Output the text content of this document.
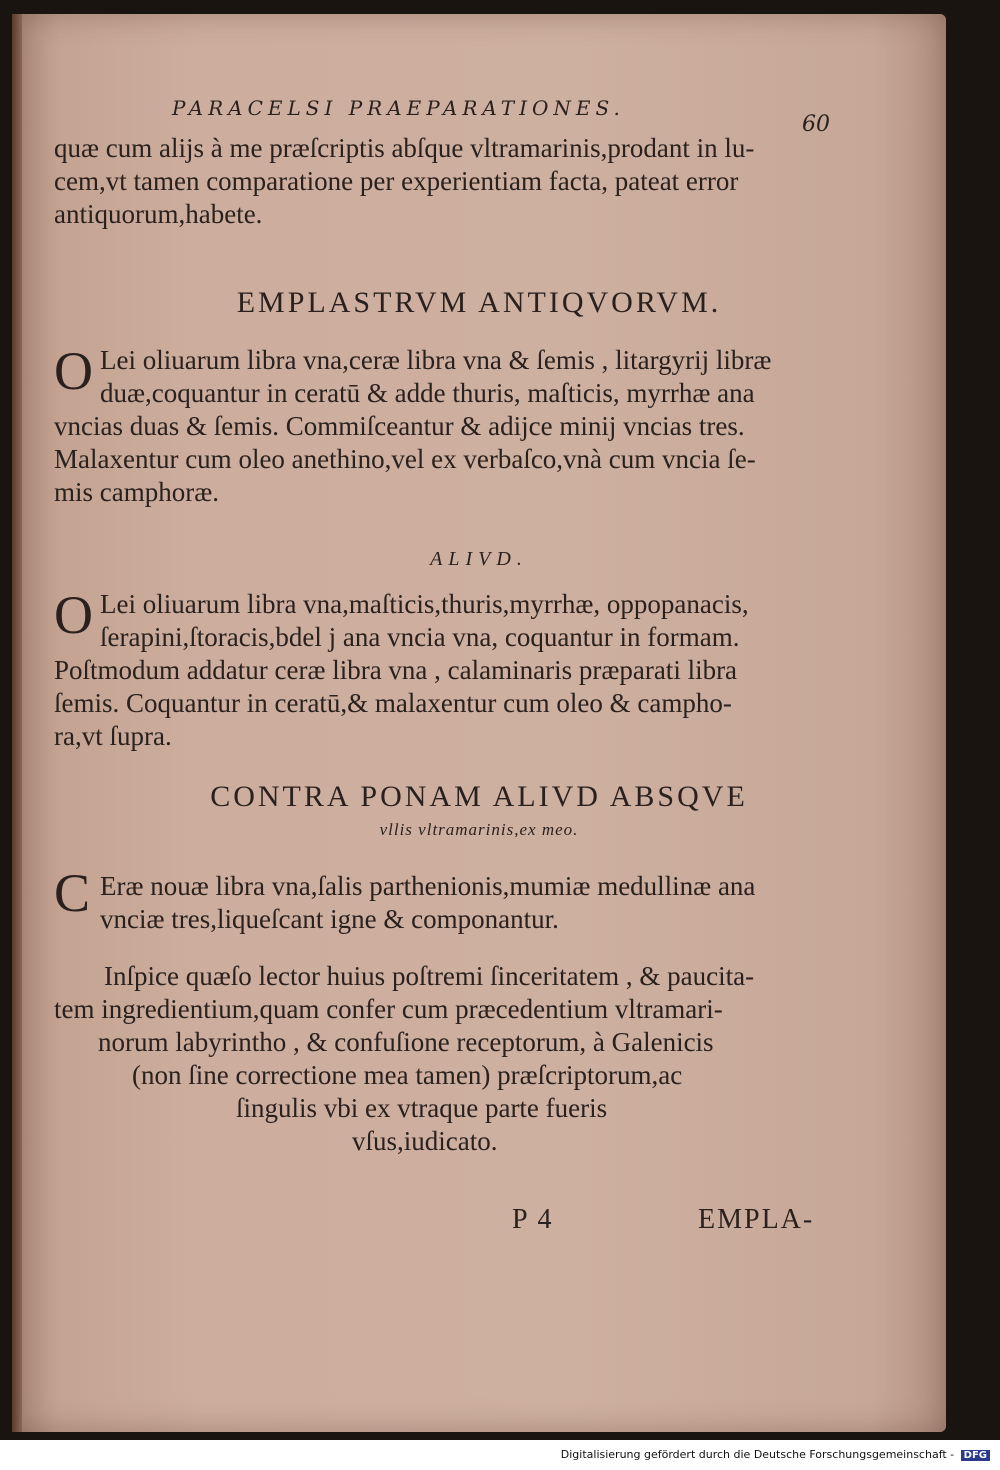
PARACELSI PRAEPARATIONES.
60
quæ cum alijs à me præſcriptis abſque vltramarinis,prodant in lu-
cem,vt tamen comparatione per experientiam facta, pateat error
antiquorum,habete.
EMPLASTRVM ANTIQVORVM.
O Lei oliuarum libra vna,ceræ libra vna & ſemis , litargyrij libræ
duæ,coquantur in ceratū & adde thuris, maſticis, myrrhæ ana
vncias duas & ſemis. Commiſceantur & adijce minij vncias tres.
Malaxentur cum oleo anethino,vel ex verbaſco,vnà cum vncia ſe-
mis camphoræ.
ALIVD.
O Lei oliuarum libra vna,maſticis,thuris,myrrhæ, oppopanacis,
ſerapini,ſtoracis,bdel j ana vncia vna, coquantur in formam.
Poſtmodum addatur ceræ libra vna , calaminaris præparati libra
ſemis. Coquantur in ceratū,& malaxentur cum oleo & campho-
ra,vt ſupra.
CONTRA PONAM ALIVD ABSQVE
vllis vltramarinis,ex meo.
C Eræ nouæ libra vna,ſalis parthenionis,mumiæ medullinæ ana
vnciæ tres,liqueſcant igne & componantur.
Inſpice quæſo lector huius poſtremi ſinceritatem , & paucita-
tem ingredientium,quam confer cum præcedentium vltramari-
norum labyrintho , & confuſione receptorum, à Galenicis
(non ſine correctione mea tamen) præſcriptorum,ac
ſingulis vbi ex vtraque parte fueris
vſus,iudicato.
P 4	EMPLA-
Digitalisierung gefördert durch die Deutsche Forschungsgemeinschaft - DFG
